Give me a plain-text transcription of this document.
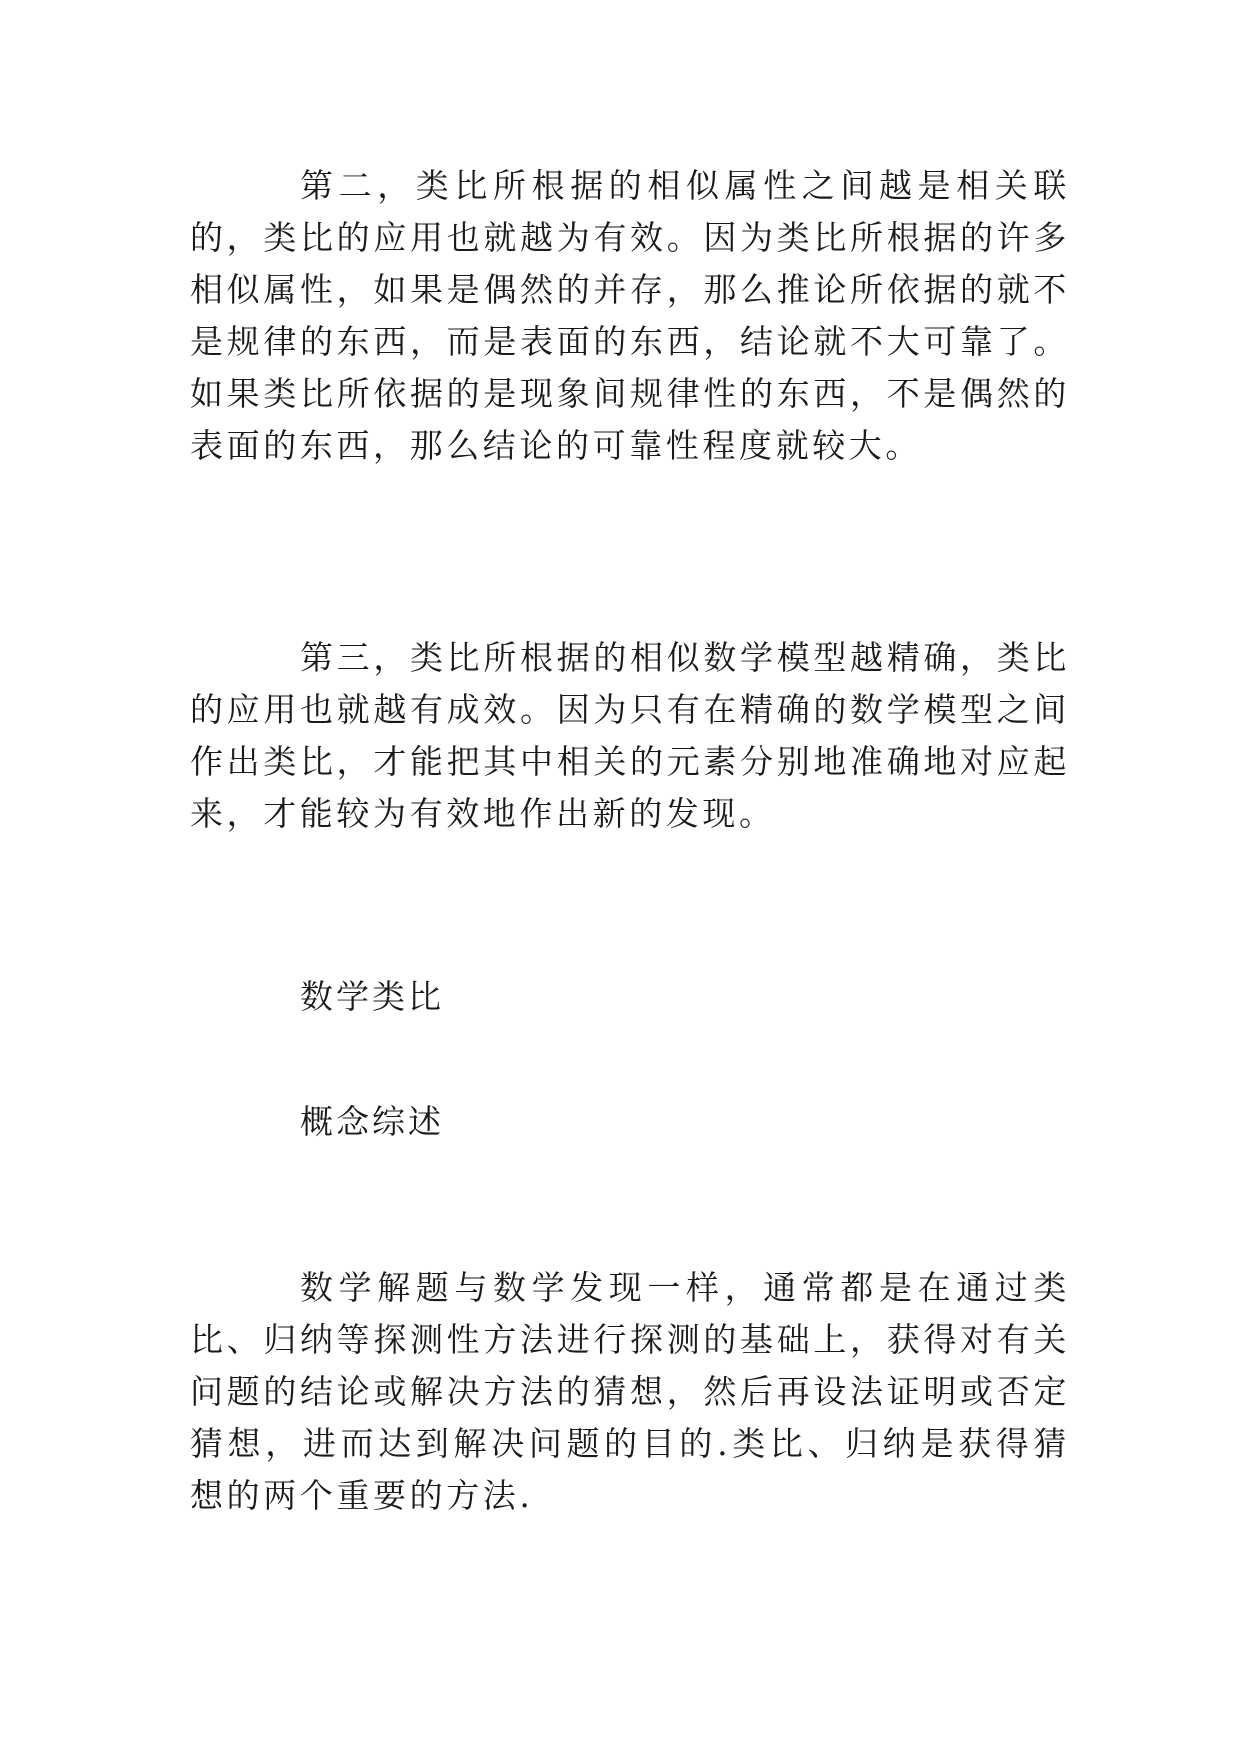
第二，类比所根据的相似属性之间越是相关联的，类比的应用也就越为有效。因为类比所根据的许多相似属性，如果是偶然的并存，那么推论所依据的就不是规律的东西，而是表面的东西，结论就不大可靠了。如果类比所依据的是现象间规律性的东西，不是偶然的表面的东西，那么结论的可靠性程度就较大。

第三，类比所根据的相似数学模型越精确，类比的应用也就越有成效。因为只有在精确的数学模型之间作出类比，才能把其中相关的元素分别地准确地对应起来，才能较为有效地作出新的发现。

数学类比

概念综述

数学解题与数学发现一样，通常都是在通过类比、归纳等探测性方法进行探测的基础上，获得对有关问题的结论或解决方法的猜想，然后再设法证明或否定猜想，进而达到解决问题的目的.类比、归纳是获得猜想的两个重要的方法.
